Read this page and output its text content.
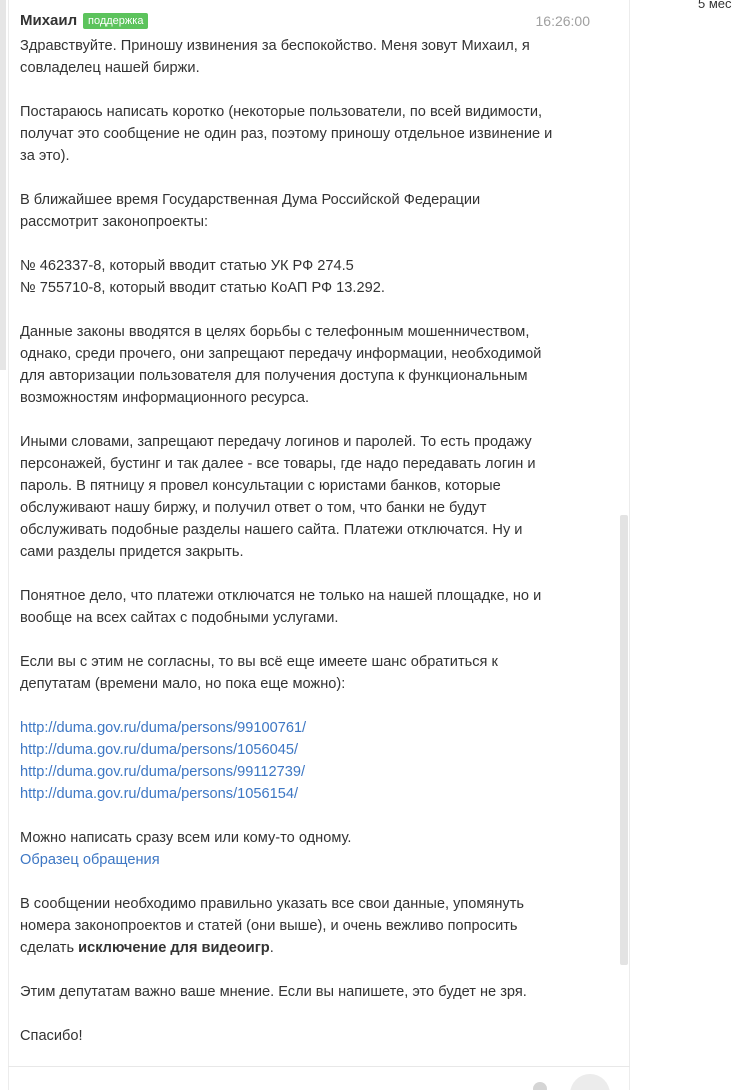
Михаил поддержка	16:26:00

Здравствуйте. Приношу извинения за беспокойство. Меня зовут Михаил, я
совладелец нашей биржи.

Постараюсь написать коротко (некоторые пользователи, по всей видимости,
получат это сообщение не один раз, поэтому приношу отдельное извинение и
за это).

В ближайшее время Государственная Дума Российской Федерации
рассмотрит законопроекты:

№ 462337-8, который вводит статью УК РФ 274.5
№ 755710-8, который вводит статью КоАП РФ 13.292.

Данные законы вводятся в целях борьбы с телефонным мошенничеством,
однако, среди прочего, они запрещают передачу информации, необходимой
для авторизации пользователя для получения доступа к функциональным
возможностям информационного ресурса.

Иными словами, запрещают передачу логинов и паролей. То есть продажу
персонажей, бустинг и так далее - все товары, где надо передавать логин и
пароль. В пятницу я провел консультации с юристами банков, которые
обслуживают нашу биржу, и получил ответ о том, что банки не будут
обслуживать подобные разделы нашего сайта. Платежи отключатся. Ну и
сами разделы придется закрыть.

Понятное дело, что платежи отключатся не только на нашей площадке, но и
вообще на всех сайтах с подобными услугами.

Если вы с этим не согласны, то вы всё еще имеете шанс обратиться к
депутатам (времени мало, но пока еще можно):

http://duma.gov.ru/duma/persons/99100761/
http://duma.gov.ru/duma/persons/1056045/
http://duma.gov.ru/duma/persons/99112739/
http://duma.gov.ru/duma/persons/1056154/

Можно написать сразу всем или кому-то одному.
Образец обращения

В сообщении необходимо правильно указать все свои данные, упомянуть
номера законопроектов и статей (они выше), и очень вежливо попросить
сделать исключение для видеоигр.

Этим депутатам важно ваше мнение. Если вы напишете, это будет не зря.

Спасибо!

5 мес
